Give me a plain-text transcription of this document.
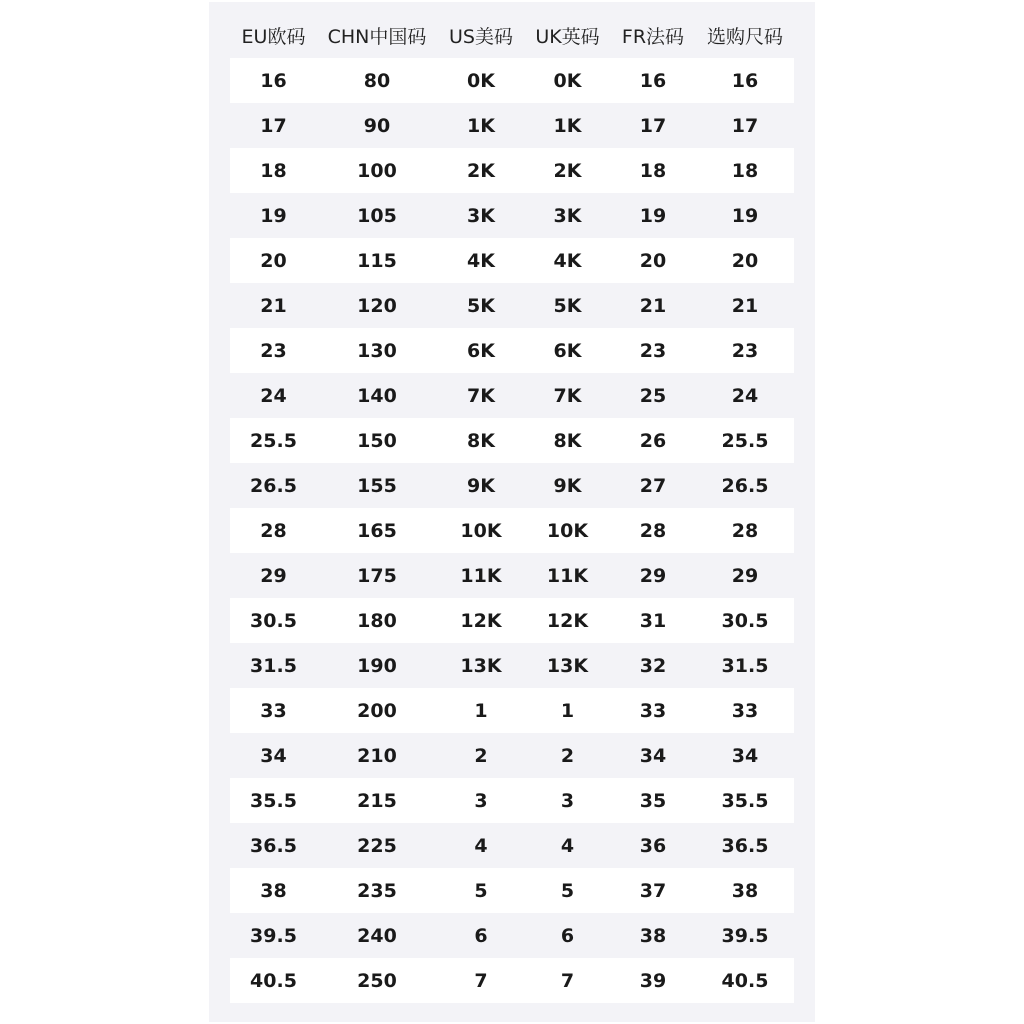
EU欧码	CHN中国码	US美码	UK英码	FR法码	选购尺码
16	80	0K	0K	16	16
17	90	1K	1K	17	17
18	100	2K	2K	18	18
19	105	3K	3K	19	19
20	115	4K	4K	20	20
21	120	5K	5K	21	21
23	130	6K	6K	23	23
24	140	7K	7K	25	24
25.5	150	8K	8K	26	25.5
26.5	155	9K	9K	27	26.5
28	165	10K	10K	28	28
29	175	11K	11K	29	29
30.5	180	12K	12K	31	30.5
31.5	190	13K	13K	32	31.5
33	200	1	1	33	33
34	210	2	2	34	34
35.5	215	3	3	35	35.5
36.5	225	4	4	36	36.5
38	235	5	5	37	38
39.5	240	6	6	38	39.5
40.5	250	7	7	39	40.5
